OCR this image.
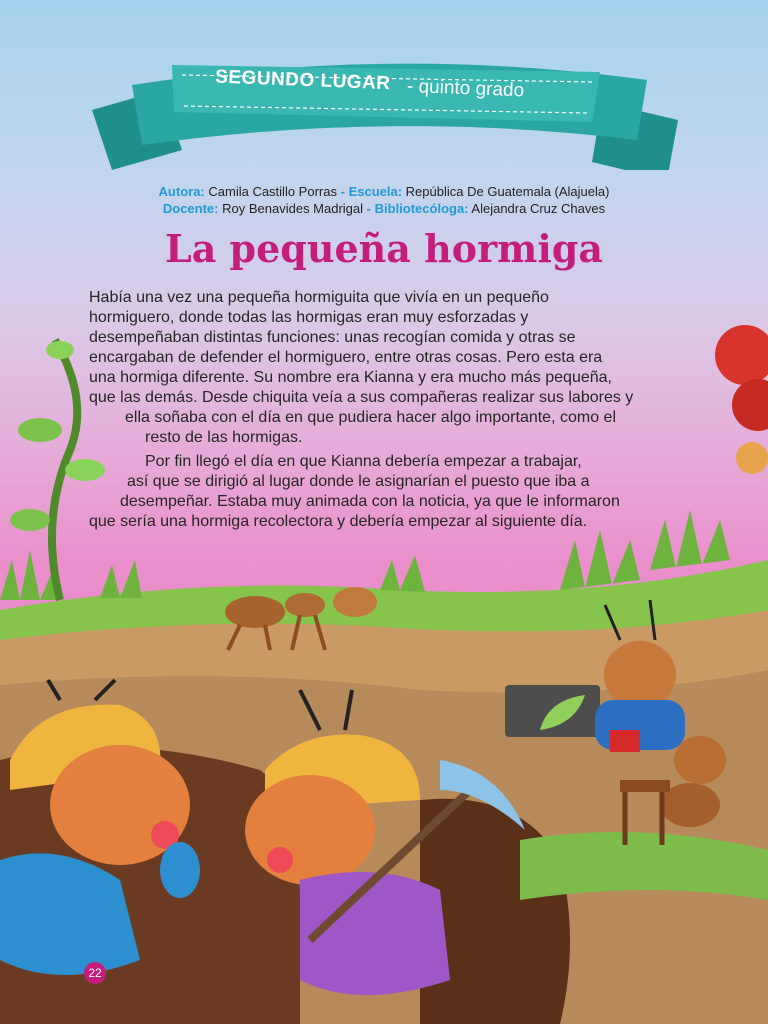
SEGUNDO LUGAR - quinto grado
Autora: Camila Castillo Porras - Escuela: República De Guatemala (Alajuela)
Docente: Roy Benavides Madrigal - Bibliotecóloga: Alejandra Cruz Chaves
La pequeña hormiga
Había una vez una pequeña hormiguita que vivía en un pequeño
hormiguero, donde todas las hormigas eran muy esforzadas y
desempeñaban distintas funciones: unas recogían comida y otras se
encargaban de defender el hormiguero, entre otras cosas. Pero esta era
una hormiga diferente. Su nombre era Kianna y era mucho más pequeña,
que las demás. Desde chiquita veía a sus compañeras realizar sus labores y
ella soñaba con el día en que pudiera hacer algo importante, como el
resto de las hormigas.
Por fin llegó el día en que Kianna debería empezar a trabajar,
así que se dirigió al lugar donde le asignarían el puesto que iba a
desempeñar. Estaba muy animada con la noticia, ya que le informaron
que sería una hormiga recolectora y debería empezar al siguiente día.
22
